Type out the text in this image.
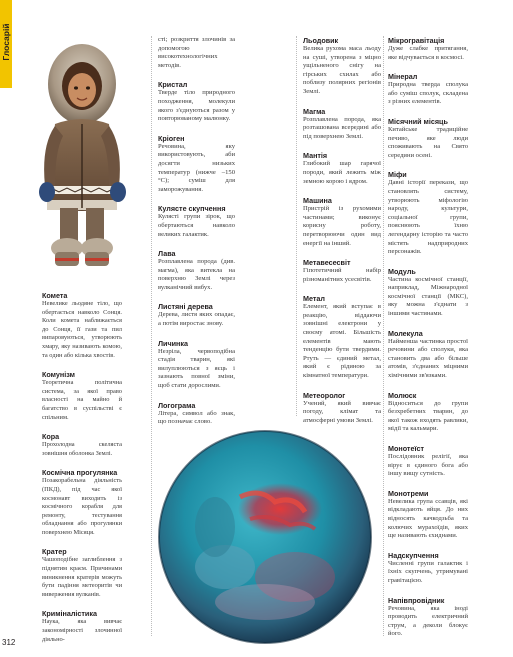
Глосарій
312

Комета

Невелике льодяне тіло, що обертається навколо Сонця. Коли комета наближається до Сонця, її гази та пил випаровуються, утворюють хмару, яку називають комою, та один або кілька хвостів.

Комунізм

Теоретична політична система, за якої право власності на майно й багатство в суспільстві є спільним.

Кора

Прохолодна скеляста зовнішня оболонка Землі.

Космічна прогулянка

Позакорабельна діяльність (ПКД), під час якої космонавт виходить із космічного корабля для ремонту, тестування обладнання або прогулянки поверхнею Місяця.

Кратер

Чашоподібне заглиблення з піднятим краєм. Причинами виникнення кратерів можуть бути падіння метеоритів чи вивержения вулканів.

Криміналістика

Наука, яка вивчає закономірності злочинної діяльно-

сті; розкриття злочинів за допомогою високотехнологічних методів.

Кристал

Тверде тіло природного походження, молекули якого з'єднуються разом у повторюваному малюнку.

Кріоген

Речовина, яку використовують, аби досягти низьких температур (нижче –150 °С); суміш для заморожування.

Кулясте скупчення

Кулясті групи зірок, що обертаються навколо великих галактик.

Лава

Розплавлена порода (див. магма), яка витекла на поверхню Землі через вулканічний вибух.

Листяні дерева

Дерева, листя яких опадає, а потім виростає знову.

Личинка

Незріла, червоподібна стадія тварин, які вилуплюються з яєць і зазнають повної зміни, щоб стати дорослими.

Логограма

Літера, символ або знак, що позначає слово.

Льодовик

Велика рухома маса льоду на суші, утворена з міцно ущільненого снігу на гірських схилах або поблизу полярних регіонів Землі.

Магма

Розплавлена порода, яка розташована всередині або під поверхнею Землі.

Мантія

Глибокий шар гарячої породи, який лежить між земною корою і ядром.

Машина

Пристрій із рухомими частинами; виконує корисну роботу, перетворюючи один вид енергії на інший.

Метавесесвіт

Гіпотетичний набір різноманітних усесвітів.

Метал

Елемент, який вступає в реакцію, віддаючи зовнішні електрони у своєму атомі. Більшість елементів мають тенденцію бути твердими. Ртуть — єдиний метал, який є рідиною за кімнатної температури.

Метеоролог

Учений, який вивчає погоду, клімат та атмосферні умови Землі.

Мікрогравітація

Дуже слабке притягання, яке відчувається в космосі.

Мінерал

Природна тверда сполука або суміш сполук, складена з різних елементів.

Місячний місяць

Китайське традиційне печиво, яке люди споживають на Свято середини осені.

Міфи

Давні історії перекази, що становлять систему, утворюють міфологію народу, культури, соціальної групи, пояснюють їхню легендарну історію та часто містять надприродних персонажів.

Модуль

Частина космічної станції, наприклад, Міжнародної космічної станції (МКС), яку можна з'єднати з іншими частинами.

Молекула

Найменша частинка простої речовини або сполуки, яка становить два або більше атомів, з'єднаних міцними хімічними зв'язками.

Молюск

Відноситься до групи безхребетних тварин, до якої також входять равлики, мідії та кальмари.

Монотеїст

Послідовник релігії, яка вірує в єдиного бога або іншу вищу сутність.

Монотреми

Невелика група ссавців, які відкладають яйця. До них відносять качкодзьба та колючих мурахоїдів, яких ще називають єхиднами.

Надскупчення

Численні групи галактик і їхніх скупчень, утримувані гравітацією.

Напівпровідник

Речовина, яка іноді проводить електричний струм, а деколи блокує його.
